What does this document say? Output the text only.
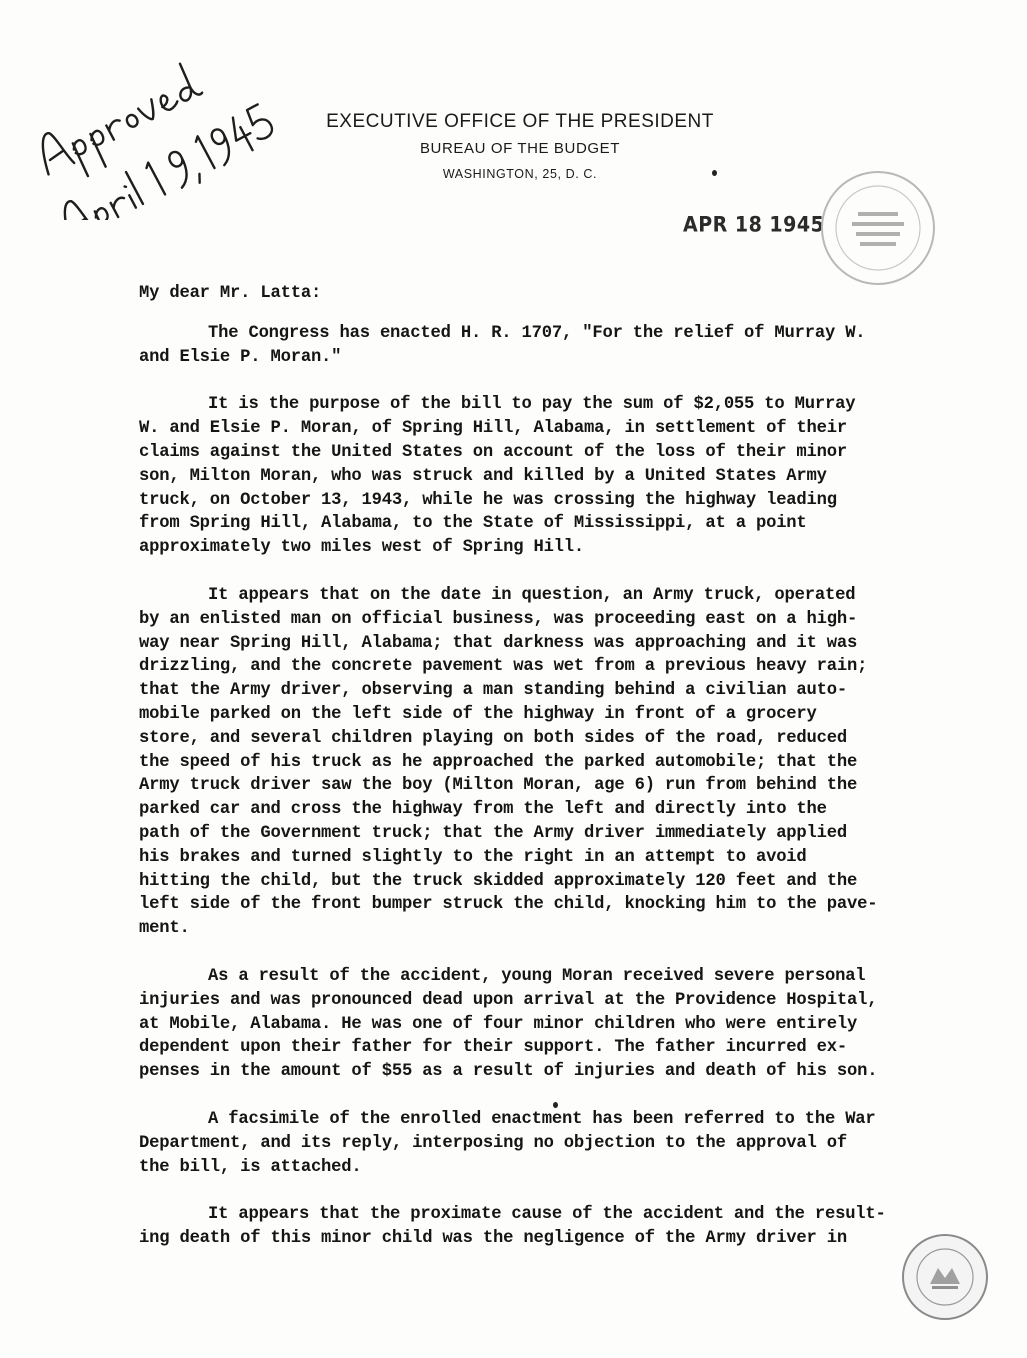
EXECUTIVE OFFICE OF THE PRESIDENT
BUREAU OF THE BUDGET
WASHINGTON, 25, D. C.
APR 18 1945
My dear Mr. Latta:
The Congress has enacted H. R. 1707, "For the relief of Murray W.
and Elsie P. Moran."
It is the purpose of the bill to pay the sum of $2,055 to Murray
W. and Elsie P. Moran, of Spring Hill, Alabama, in settlement of their
claims against the United States on account of the loss of their minor
son, Milton Moran, who was struck and killed by a United States Army
truck, on October 13, 1943, while he was crossing the highway leading
from Spring Hill, Alabama, to the State of Mississippi, at a point
approximately two miles west of Spring Hill.
It appears that on the date in question, an Army truck, operated
by an enlisted man on official business, was proceeding east on a high-
way near Spring Hill, Alabama; that darkness was approaching and it was
drizzling, and the concrete pavement was wet from a previous heavy rain;
that the Army driver, observing a man standing behind a civilian auto-
mobile parked on the left side of the highway in front of a grocery
store, and several children playing on both sides of the road, reduced
the speed of his truck as he approached the parked automobile; that the
Army truck driver saw the boy (Milton Moran, age 6) run from behind the
parked car and cross the highway from the left and directly into the
path of the Government truck; that the Army driver immediately applied
his brakes and turned slightly to the right in an attempt to avoid
hitting the child, but the truck skidded approximately 120 feet and the
left side of the front bumper struck the child, knocking him to the pave-
ment.
As a result of the accident, young Moran received severe personal
injuries and was pronounced dead upon arrival at the Providence Hospital,
at Mobile, Alabama. He was one of four minor children who were entirely
dependent upon their father for their support. The father incurred ex-
penses in the amount of $55 as a result of injuries and death of his son.
A facsimile of the enrolled enactment has been referred to the War
Department, and its reply, interposing no objection to the approval of
the bill, is attached.
It appears that the proximate cause of the accident and the result-
ing death of this minor child was the negligence of the Army driver in
